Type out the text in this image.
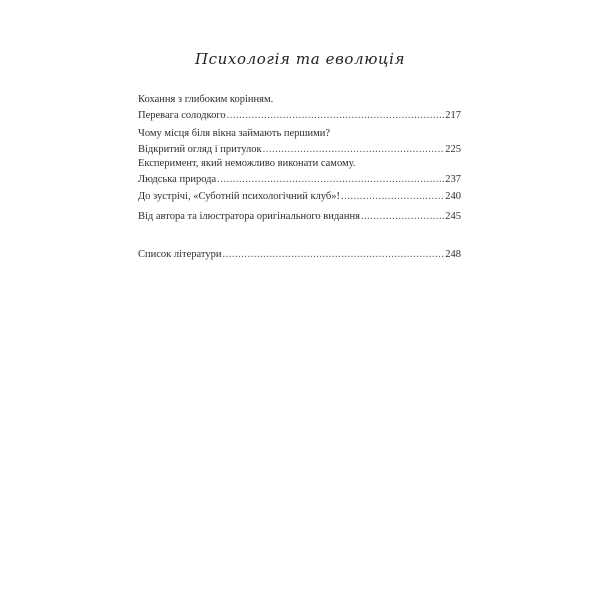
Психологія та еволюція
Кохання з глибоким корінням.
Перевага солодкого .....	217
Чому місця біля вікна займають першими?
Відкритий огляд і притулок .....	225
Експеримент, який неможливо виконати самому.
Людська природа .....	237
До зустрічі, «Суботній психологічний клуб»! .....	240
Від автора та ілюстратора оригінального видання .....	245
Список літератури .....	248
